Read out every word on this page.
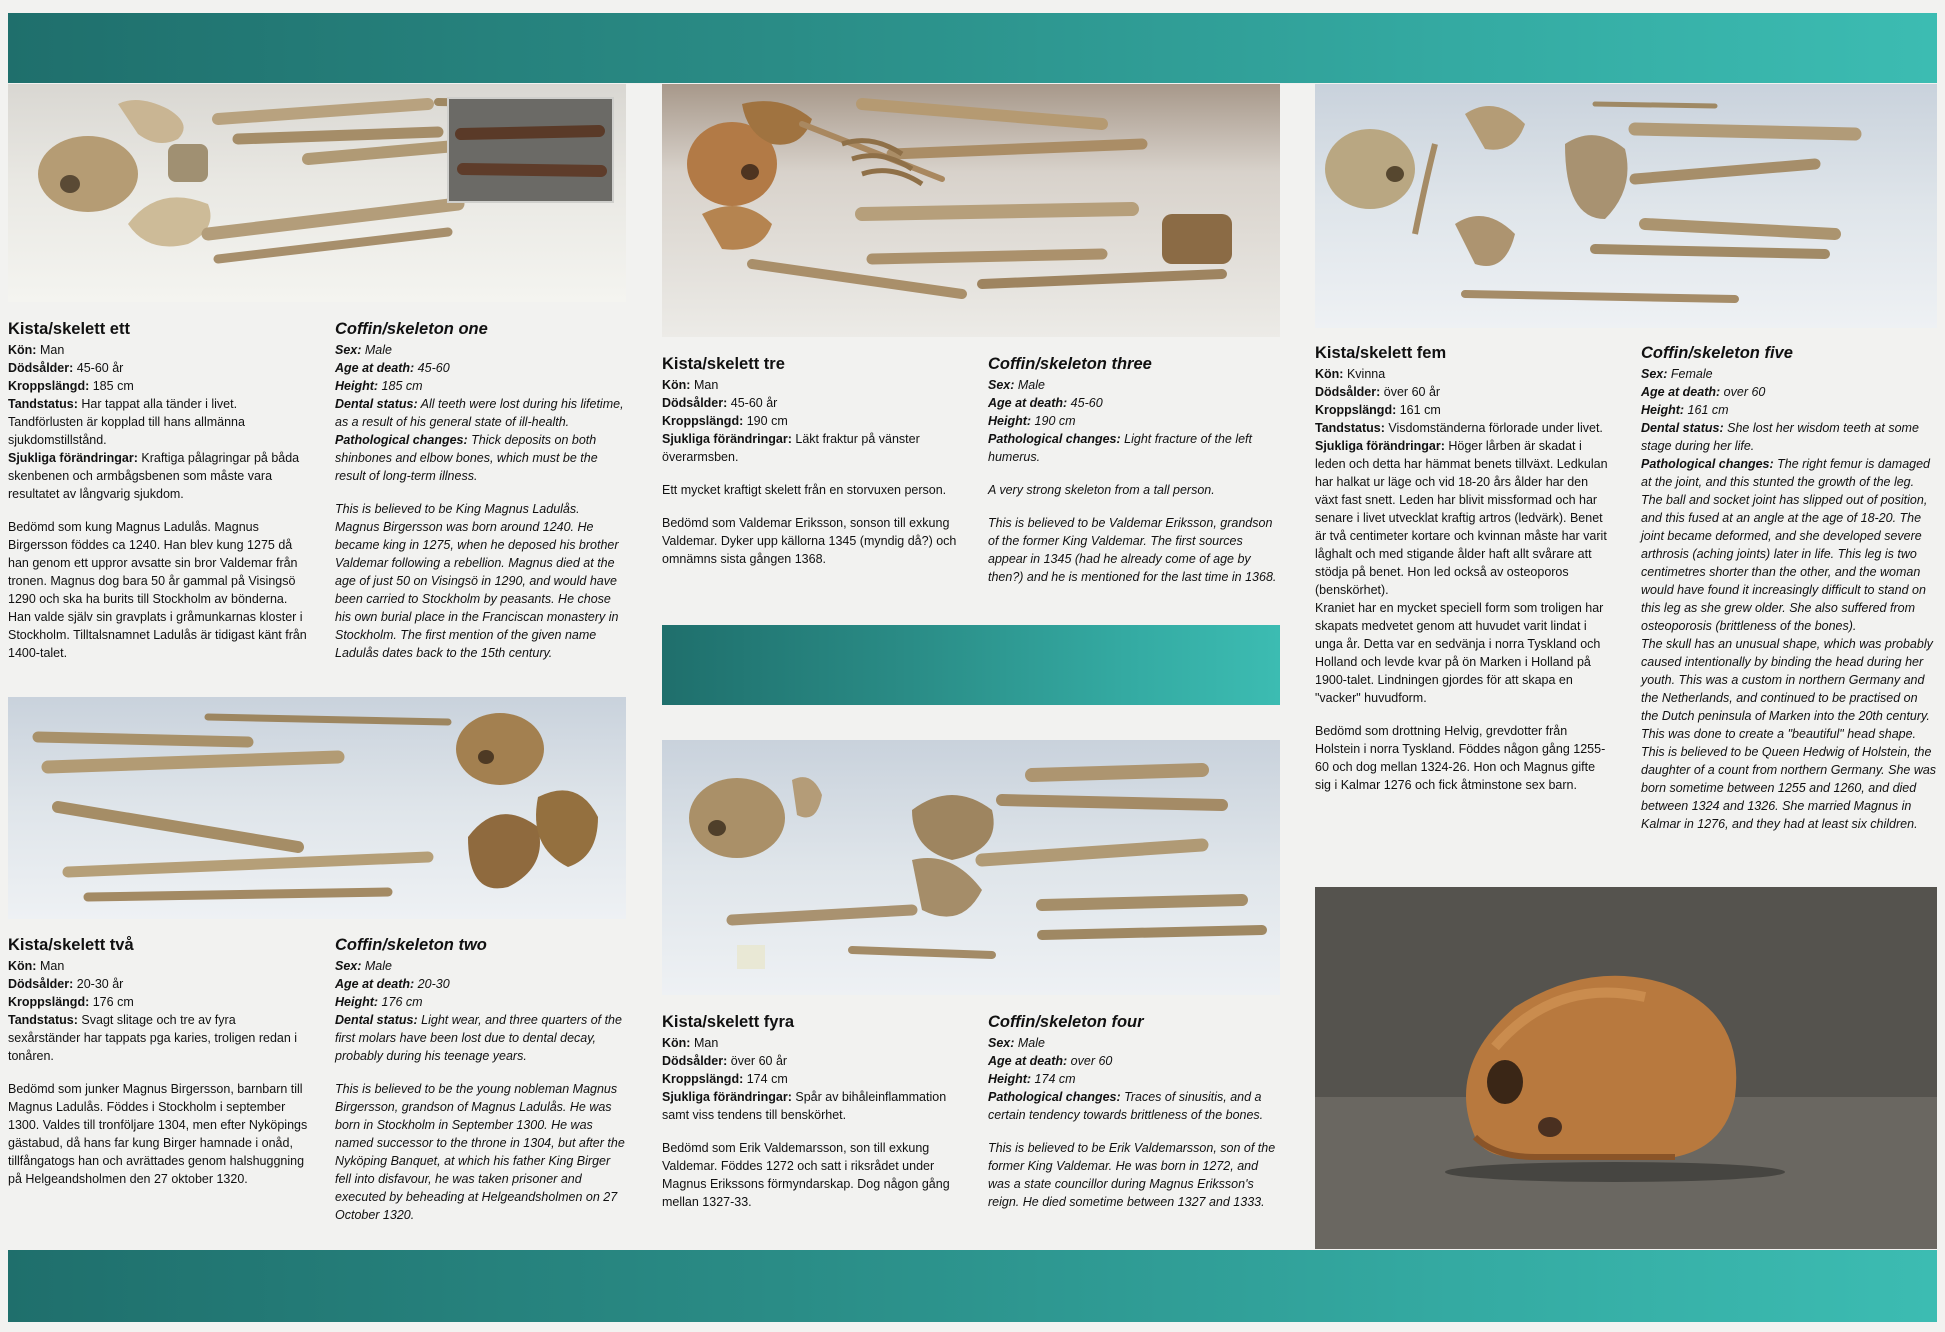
Kista/skelett ett
Kön: Man
Dödsålder: 45-60 år
Kroppslängd: 185 cm
Tandstatus: Har tappat alla tänder i livet. Tandförlusten är kopplad till hans allmänna sjukdomstillstånd.
Sjukliga förändringar: Kraftiga pålagringar på båda skenbenen och armbågsbenen som måste vara resultatet av långvarig sjukdom.

Bedömd som kung Magnus Ladulås. Magnus Birgersson föddes ca 1240. Han blev kung 1275 då han genom ett uppror avsatte sin bror Valdemar från tronen. Magnus dog bara 50 år gammal på Visingsö 1290 och ska ha burits till Stockholm av bönderna. Han valde själv sin gravplats i gråmunkarnas kloster i Stockholm. Tilltalsnamnet Ladulås är tidigast känt från 1400-talet.

Coffin/skeleton one
Sex: Male
Age at death: 45-60
Height: 185 cm
Dental status: All teeth were lost during his lifetime, as a result of his general state of ill-health.
Pathological changes: Thick deposits on both shinbones and elbow bones, which must be the result of long-term illness.

This is believed to be King Magnus Ladulås. Magnus Birgersson was born around 1240. He became king in 1275, when he deposed his brother Valdemar following a rebellion. Magnus died at the age of just 50 on Visingsö in 1290, and would have been carried to Stockholm by peasants. He chose his own burial place in the Franciscan monastery in Stockholm. The first mention of the given name Ladulås dates back to the 15th century.

Kista/skelett två
Kön: Man
Dödsålder: 20-30 år
Kroppslängd: 176 cm
Tandstatus: Svagt slitage och tre av fyra sexårständer har tappats pga karies, troligen redan i tonåren.

Bedömd som junker Magnus Birgersson, barnbarn till Magnus Ladulås. Föddes i Stockholm i september 1300. Valdes till tronföljare 1304, men efter Nyköpings gästabud, då hans far kung Birger hamnade i onåd, tillfångatogs han och avrättades genom halshuggning på Helgeandsholmen den 27 oktober 1320.

Coffin/skeleton two
Sex: Male
Age at death: 20-30
Height: 176 cm
Dental status: Light wear, and three quarters of the first molars have been lost due to dental decay, probably during his teenage years.

This is believed to be the young nobleman Magnus Birgersson, grandson of Magnus Ladulås. He was born in Stockholm in September 1300. He was named successor to the throne in 1304, but after the Nyköping Banquet, at which his father King Birger fell into disfavour, he was taken prisoner and executed by beheading at Helgeandsholmen on 27 October 1320.

Kista/skelett tre
Kön: Man
Dödsålder: 45-60 år
Kroppslängd: 190 cm
Sjukliga förändringar: Läkt fraktur på vänster överarmsben.

Ett mycket kraftigt skelett från en storvuxen person.

Bedömd som Valdemar Eriksson, sonson till exkung Valdemar. Dyker upp källorna 1345 (myndig då?) och omnämns sista gången 1368.

Coffin/skeleton three
Sex: Male
Age at death: 45-60
Height: 190 cm
Pathological changes: Light fracture of the left humerus.

A very strong skeleton from a tall person.

This is believed to be Valdemar Eriksson, grandson of the former King Valdemar. The first sources appear in 1345 (had he already come of age by then?) and he is mentioned for the last time in 1368.

Kista/skelett fyra
Kön: Man
Dödsålder: över 60 år
Kroppslängd: 174 cm
Sjukliga förändringar: Spår av bihåleinflammation samt viss tendens till benskörhet.

Bedömd som Erik Valdemarsson, son till exkung Valdemar. Föddes 1272 och satt i riksrådet under Magnus Erikssons förmyndarskap. Dog någon gång mellan 1327-33.

Coffin/skeleton four
Sex: Male
Age at death: over 60
Height: 174 cm
Pathological changes: Traces of sinusitis, and a certain tendency towards brittleness of the bones.

This is believed to be Erik Valdemarsson, son of the former King Valdemar. He was born in 1272, and was a state councillor during Magnus Eriksson's reign. He died sometime between 1327 and 1333.

Kista/skelett fem
Kön: Kvinna
Dödsålder: över 60 år
Kroppslängd: 161 cm
Tandstatus: Visdomständerna förlorade under livet.
Sjukliga förändringar: Höger lårben är skadat i leden och detta har hämmat benets tillväxt. Ledkulan har halkat ur läge och vid 18-20 års ålder har den växt fast snett. Leden har blivit missformad och har senare i livet utvecklat kraftig artros (ledvärk). Benet är två centimeter kortare och kvinnan måste har varit låghalt och med stigande ålder haft allt svårare att stödja på benet. Hon led också av osteoporos (benskörhet).

Kraniet har en mycket speciell form som troligen har skapats medvetet genom att huvudet varit lindat i unga år. Detta var en sedvänja i norra Tyskland och Holland och levde kvar på ön Marken i Holland på 1900-talet. Lindningen gjordes för att skapa en "vacker" huvudform.

Bedömd som drottning Helvig, grevdotter från Holstein i norra Tyskland. Föddes någon gång 1255-60 och dog mellan 1324-26. Hon och Magnus gifte sig i Kalmar 1276 och fick åtminstone sex barn.

Coffin/skeleton five
Sex: Female
Age at death: over 60
Height: 161 cm
Dental status: She lost her wisdom teeth at some stage during her life.
Pathological changes: The right femur is damaged at the joint, and this stunted the growth of the leg. The ball and socket joint has slipped out of position, and this fused at an angle at the age of 18-20. The joint became deformed, and she developed severe arthrosis (aching joints) later in life. This leg is two centimetres shorter than the other, and the woman would have found it increasingly difficult to stand on this leg as she grew older. She also suffered from osteoporosis (brittleness of the bones).

The skull has an unusual shape, which was probably caused intentionally by binding the head during her youth. This was a custom in northern Germany and the Netherlands, and continued to be practised on the Dutch peninsula of Marken into the 20th century. This was done to create a "beautiful" head shape.

This is believed to be Queen Hedwig of Holstein, the daughter of a count from northern Germany. She was born sometime between 1255 and 1260, and died between 1324 and 1326. She married Magnus in Kalmar in 1276, and they had at least six children.
